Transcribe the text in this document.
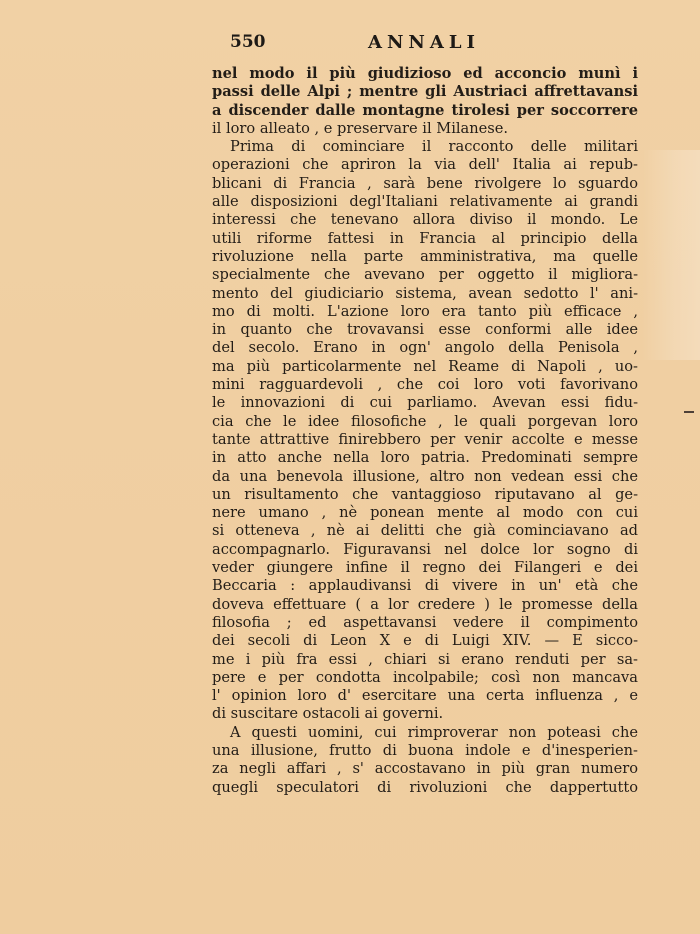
550	ANNALI
nel modo il più giudizioso ed acconcio munì i
passi delle Alpi ; mentre gli Austriaci affrettavansi
a discender dalle montagne tirolesi per soccorrere
il loro alleato , e preservare il Milanese.
Prima di cominciare il racconto delle militari
operazioni che apriron la via dell' Italia ai repub-
blicani di Francia , sarà bene rivolgere lo sguardo
alle disposizioni degl'Italiani relativamente ai grandi
interessi che tenevano allora diviso il mondo. Le
utili riforme fattesi in Francia al principio della
rivoluzione nella parte amministrativa, ma quelle
specialmente che avevano per oggetto il migliora-
mento del giudiciario sistema, avean sedotto l' ani-
mo di molti. L'azione loro era tanto più efficace ,
in quanto che trovavansi esse conformi alle idee
del secolo. Erano in ogn' angolo della Penisola ,
ma più particolarmente nel Reame di Napoli , uo-
mini ragguardevoli , che coi loro voti favorivano
le innovazioni di cui parliamo. Avevan essi fidu-
cia che le idee filosofiche , le quali porgevan loro
tante attrattive finirebbero per venir accolte e messe
in atto anche nella loro patria. Predominati sempre
da una benevola illusione, altro non vedean essi che
un risultamento che vantaggioso riputavano al ge-
nere umano , nè ponean mente al modo con cui
si otteneva , nè ai delitti che già cominciavano ad
accompagnarlo. Figuravansi nel dolce lor sogno di
veder giungere infine il regno dei Filangeri e dei
Beccaria : applaudivansi di vivere in un' età che
doveva effettuare ( a lor credere ) le promesse della
filosofia ; ed aspettavansi vedere il compimento
dei secoli di Leon X e di Luigi XIV. — E sicco-
me i più fra essi , chiari si erano renduti per sa-
pere e per condotta incolpabile; così non mancava
l' opinion loro d' esercitare una certa influenza , e
di suscitare ostacoli ai governi.
A questi uomini, cui rimproverar non poteasi che
una illusione, frutto di buona indole e d'inesperien-
za negli affari , s' accostavano in più gran numero
quegli speculatori di rivoluzioni che dappertutto
